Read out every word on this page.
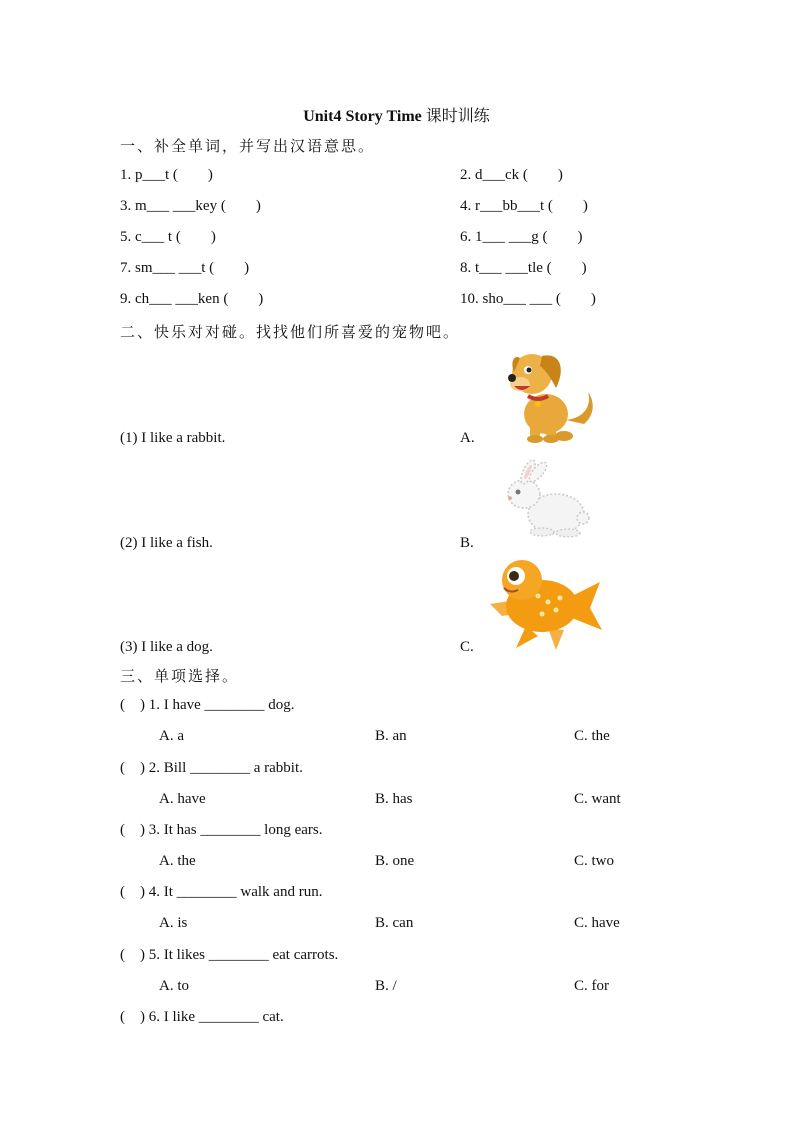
Unit4 Story Time 课时训练
一、补全单词，并写出汉语意思。
1. p___t (        )	2. d___ck (        )
3. m___ ___key (        )	4. r___bb___t (        )
5. c___ t (        )	6. 1___ ___g (        )
7. sm___ ___t (        )	8. t___ ___tle (        )
9. ch___ ___ken (        )	10. sho___ ___ (        )
二、快乐对对碰。找找他们所喜爱的宠物吧。
(1) I like a rabbit.	A.
(2) I like a fish.	B.
(3) I like a dog.	C.
三、单项选择。
(    ) 1. I have ________ dog.
A. a	B. an	C. the
(    ) 2. Bill ________ a rabbit.
A. have	B. has	C. want
(    ) 3. It has ________ long ears.
A. the	B. one	C. two
(    ) 4. It ________ walk and run.
A. is	B. can	C. have
(    ) 5. It likes ________ eat carrots.
A. to	B. /	C. for
(    ) 6. I like ________ cat.
